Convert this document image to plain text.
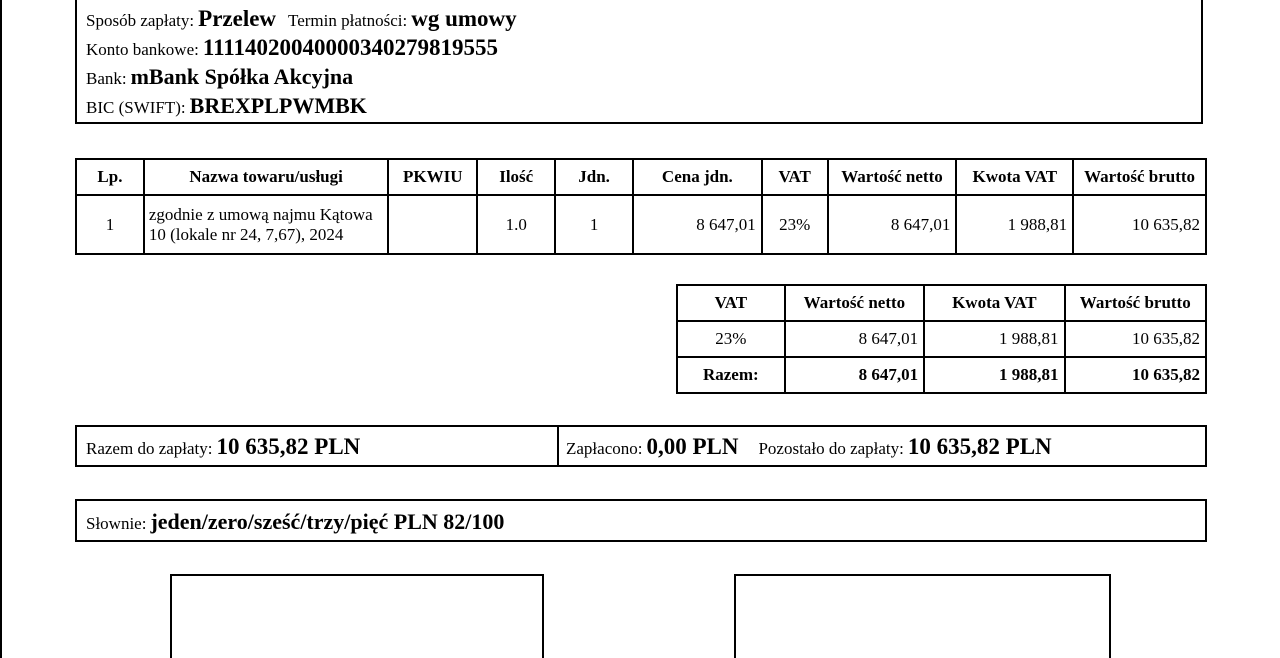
Sposób zapłaty: Przelew Termin płatności: wg umowy
Konto bankowe: 11114020040000340279819555
Bank: mBank Spółka Akcyjna
BIC (SWIFT): BREXPLPWMBK
Lp.	Nazwa towaru/usługi	PKWIU	Ilość	Jdn.	Cena jdn.	VAT	Wartość netto	Kwota VAT	Wartość brutto
1	zgodnie z umową najmu Kątowa 10 (lokale nr 24, 7,67), 2024		1.0	1	8 647,01	23%	8 647,01	1 988,81	10 635,82
VAT	Wartość netto	Kwota VAT	Wartość brutto
23%	8 647,01	1 988,81	10 635,82
Razem:	8 647,01	1 988,81	10 635,82
Razem do zapłaty: 10 635,82 PLN	Zapłacono: 0,00 PLN Pozostało do zapłaty: 10 635,82 PLN
Słownie: jeden/zero/sześć/trzy/pięć PLN 82/100
